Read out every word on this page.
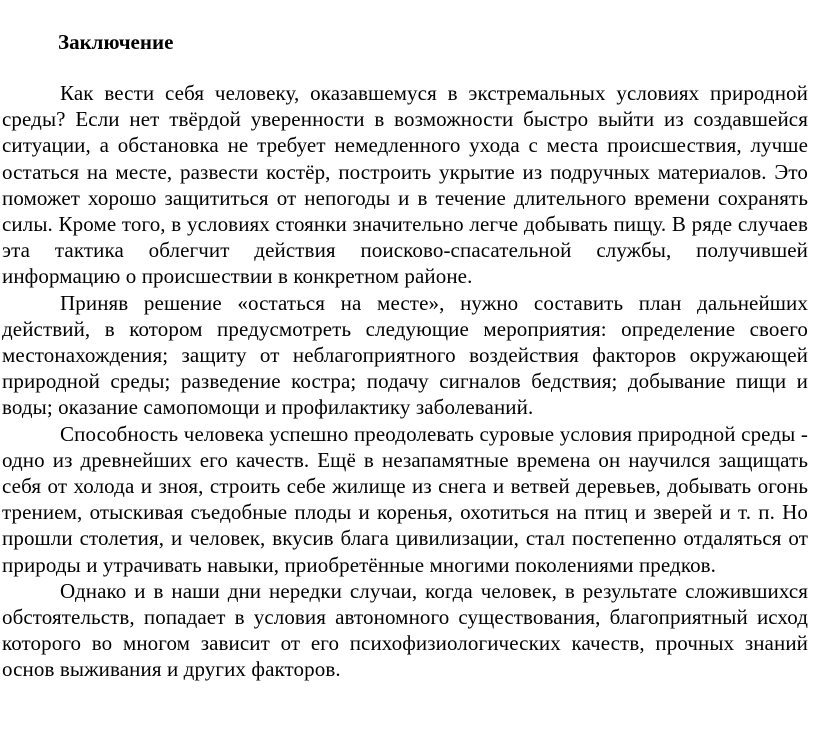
Заключение

Как вести себя человеку, оказавшемуся в экстремальных условиях природной среды? Если нет твёрдой уверенности в возможности быстро выйти из создавшейся ситуации, а обстановка не требует немедленного ухода с места происшествия, лучше остаться на месте, развести костёр, построить укрытие из подручных материалов. Это поможет хорошо защититься от непогоды и в течение длительного времени сохранять силы. Кроме того, в условиях стоянки значительно легче добывать пищу. В ряде случаев эта тактика облегчит действия поисково-спасательной службы, получившей информацию о происшествии в конкретном районе.

Приняв решение «остаться на месте», нужно составить план дальнейших действий, в котором предусмотреть следующие мероприятия: определение своего местонахождения; защиту от неблагоприятного воздействия факторов окружающей природной среды; разведение костра; подачу сигналов бедствия; добывание пищи и воды; оказание самопомощи и профилактику заболеваний.

Способность человека успешно преодолевать суровые условия природной среды - одно из древнейших его качеств. Ещё в незапамятные времена он научился защищать себя от холода и зноя, строить себе жилище из снега и ветвей деревьев, добывать огонь трением, отыскивая съедобные плоды и коренья, охотиться на птиц и зверей и т. п. Но прошли столетия, и человек, вкусив блага цивилизации, стал постепенно отдаляться от природы и утрачивать навыки, приобретённые многими поколениями предков.

Однако и в наши дни нередки случаи, когда человек, в результате сложившихся обстоятельств, попадает в условия автономного существования, благоприятный исход которого во многом зависит от его психофизиологических качеств, прочных знаний основ выживания и других факторов.
